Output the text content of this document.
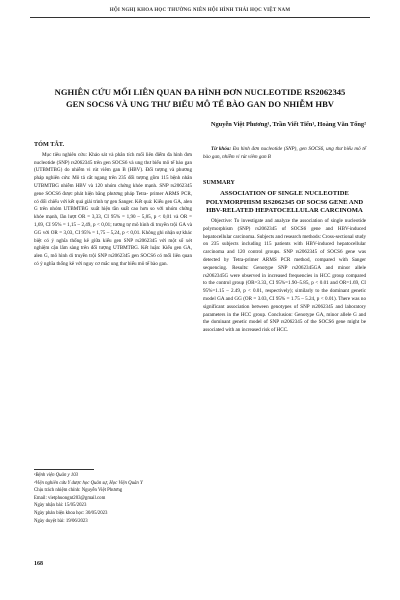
HỘI NGHỊ KHOA HỌC THƯỜNG NIÊN HỘI HÌNH THÁI HỌC VIỆT NAM
NGHIÊN CỨU MỐI LIÊN QUAN ĐA HÌNH ĐƠN NUCLEOTIDE RS2062345
GEN SOCS6 VÀ UNG THƯ BIỂU MÔ TẾ BÀO GAN DO NHIỄM HBV
Nguyễn Việt Phương¹, Trần Viết Tiến¹, Hoàng Văn Tổng²
TÓM TẮT.

Mục tiêu nghiên cứu: Khảo sát và phân tích mối liên điểm đa hình đơn nucleotide (SNP) rs2062345 trên gen SOCS6 và ung thư biểu mô tế bào gan (UTBMTBG) do nhiễm vi rút viêm gan B (HBV). Đối tượng và phương pháp nghiên cứu: Mô tả cắt ngang trên 235 đối tượng gồm 115 bệnh nhân UTBMTBG nhiễm HBV và 120 nhóm chứng khỏe mạnh. SNP rs2062345 gene SOCS6 được phát hiện bằng phương pháp Tetra- primer ARMS PCR, có đối chiếu với kết quả giải trình tự gen Sanger. Kết quả: Kiểu gen GA, alen G trên nhóm UTBMTBG xuất hiện tần suất cao hơn so với nhóm chứng khỏe mạnh, lần lượt OR = 3,33, CI 95% = 1,90 – 5,85, p < 0,01 và OR = 1,69, CI 95% = 1,15 – 2,49, p < 0,01; tương tự mô hình di truyền trội GA và GG với OR = 3,03, CI 95% = 1,75 – 5,24, p < 0,01. Không ghi nhận sự khác biệt có ý nghĩa thống kê giữa kiểu gen SNP rs2062345 với một số xét nghiệm cận lâm sàng trên đối tượng UTBMTBG. Kết luận: Kiểu gen GA, alen G, mô hình di truyền trội SNP rs2062345 gen SOCS6 có mối liên quan có ý nghĩa thống kê với nguy cơ mắc ung thư biểu mô tế bào gan.

Từ khóa: Đa hình đơn nucleotide (SNP), gen SOCS6, ung thư biểu mô tế bào gan, nhiễm vi rút viêm gan B

SUMMARY
ASSOCIATION OF SINGLE NUCLEOTIDE POLYMORPHISM RS2062345 OF SOCS6 GENE AND HBV-RELATED HEPATOCELLULAR CARCINOMA

Objective: To investigate and analyze the association of single nucleotide polymorphism (SNP) rs2062345 of SOCS6 gene and HBV-induced hepatocellular carcinoma. Subjects and research methods: Cross-sectional study on 235 subjects including 115 patients with HBV-induced hepatocellular carcinoma and 120 control groups. SNP rs2062345 of SOCS6 gene was detected by Tetra-primer ARMS PCR method, compared with Sanger sequencing. Results: Genotype SNP rs2062345GA and minor allele rs2062345G were observed in increased frequencies in HCC group compared to the control group (OR=3.33, CI 95%=1.90–5.85, p < 0.01 and OR=1.69, CI 95%=1.15 – 2.49, p < 0.01, respectively); similarly to the dominant genetic model GA and GG (OR = 3.03, CI 95% = 1.75 – 5.24, p < 0.01). There was no significant association between genotypes of SNP rs2062345 and laboratory parameters in the HCC group. Conclusion: Genotype GA, minor allele G and the dominant genetic model of SNP rs2062345 of the SOCS6 gene might be associated with an increased risk of HCC.

¹Bệnh viện Quân y 103
²Viện nghiên cứu Y dược học Quân sự, Học Viện Quân Y
Chịu trách nhiệm chính: Nguyễn Việt Phương
Email: vietphuongnt203@gmail.com
Ngày nhận bài: 15/05/2023
Ngày phản biện khoa học: 30/05/2023
Ngày duyệt bài: 19/06/2023
168
